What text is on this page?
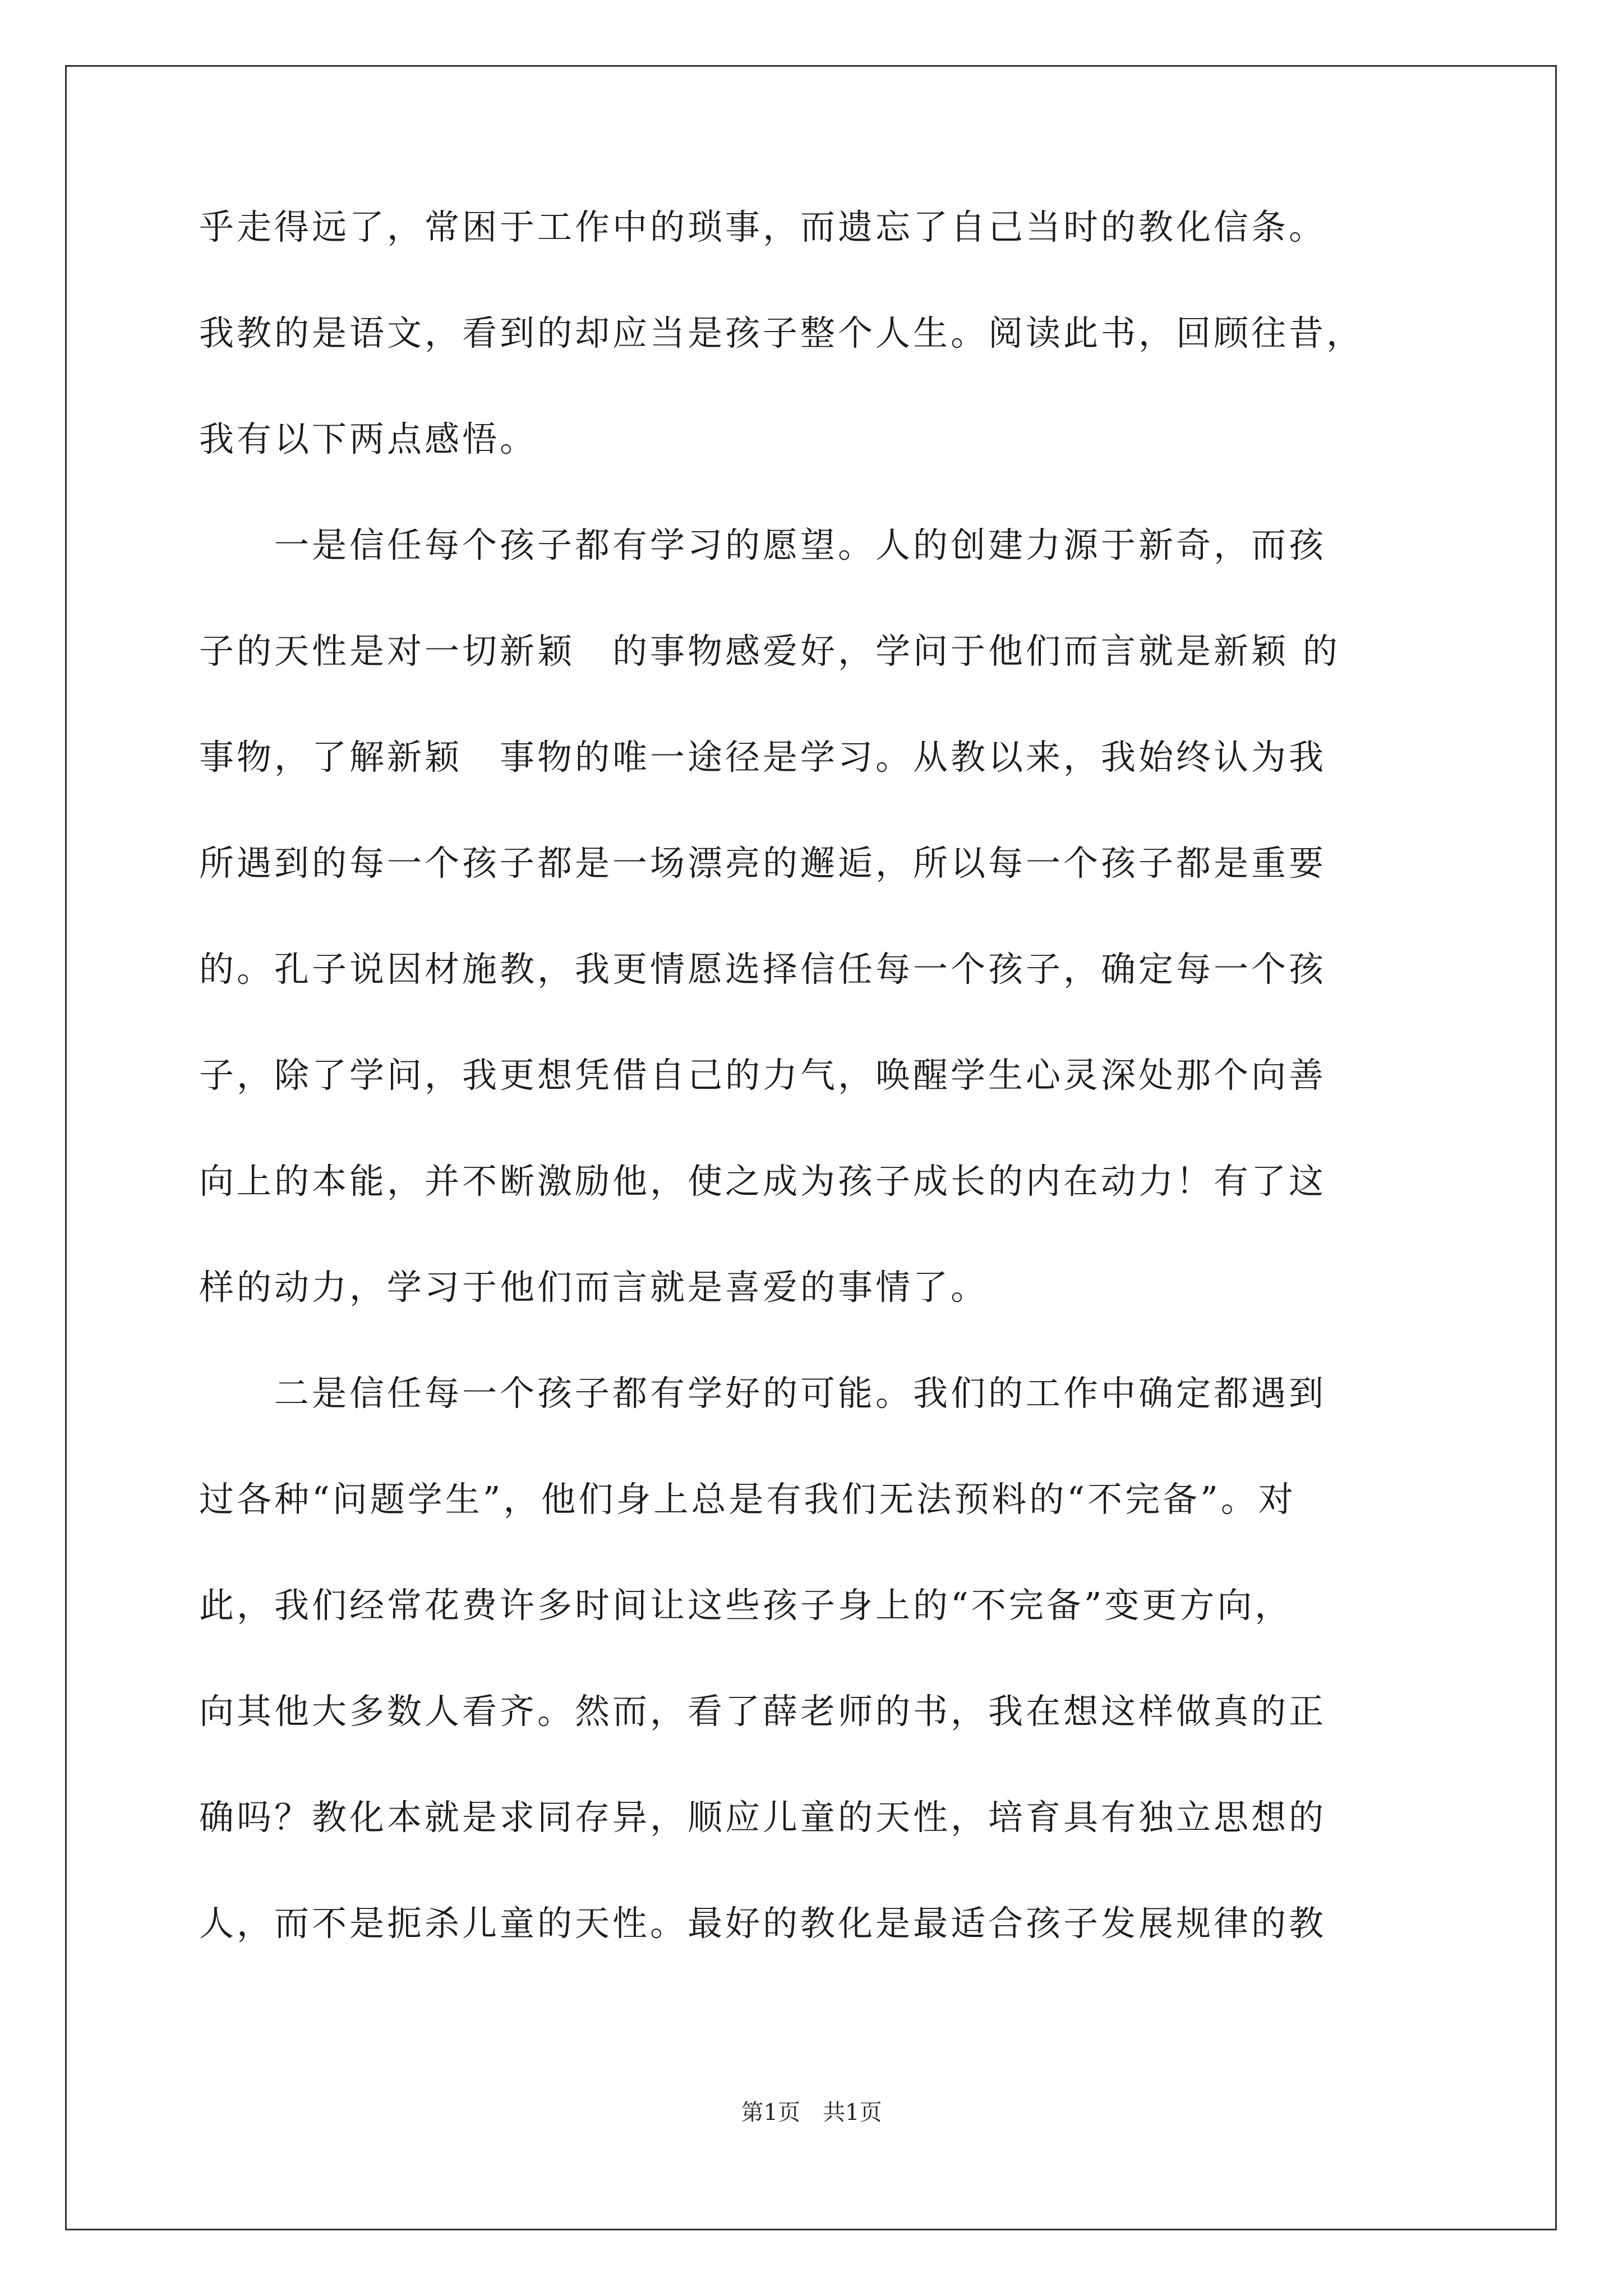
乎走得远了，常困于工作中的琐事，而遗忘了自己当时的教化信条。
我教的是语文，看到的却应当是孩子整个人生。阅读此书，回顾往昔，
我有以下两点感悟。
　　一是信任每个孩子都有学习的愿望。人的创建力源于新奇，而孩
子的天性是对一切新颖　的事物感爱好，学问于他们而言就是新颖 的
事物，了解新颖　事物的唯一途径是学习。从教以来，我始终认为我
所遇到的每一个孩子都是一场漂亮的邂逅，所以每一个孩子都是重要
的。孔子说因材施教，我更情愿选择信任每一个孩子，确定每一个孩
子，除了学问，我更想凭借自己的力气，唤醒学生心灵深处那个向善
向上的本能，并不断激励他，使之成为孩子成长的内在动力！有了这
样的动力，学习于他们而言就是喜爱的事情了。
　　二是信任每一个孩子都有学好的可能。我们的工作中确定都遇到
过各种“问题学生”，他们身上总是有我们无法预料的“不完备”。对
此，我们经常花费许多时间让这些孩子身上的“不完备”变更方向，
向其他大多数人看齐。然而，看了薛老师的书，我在想这样做真的正
确吗？教化本就是求同存异，顺应儿童的天性，培育具有独立思想的
人，而不是扼杀儿童的天性。最好的教化是最适合孩子发展规律的教
第1页　共1页
